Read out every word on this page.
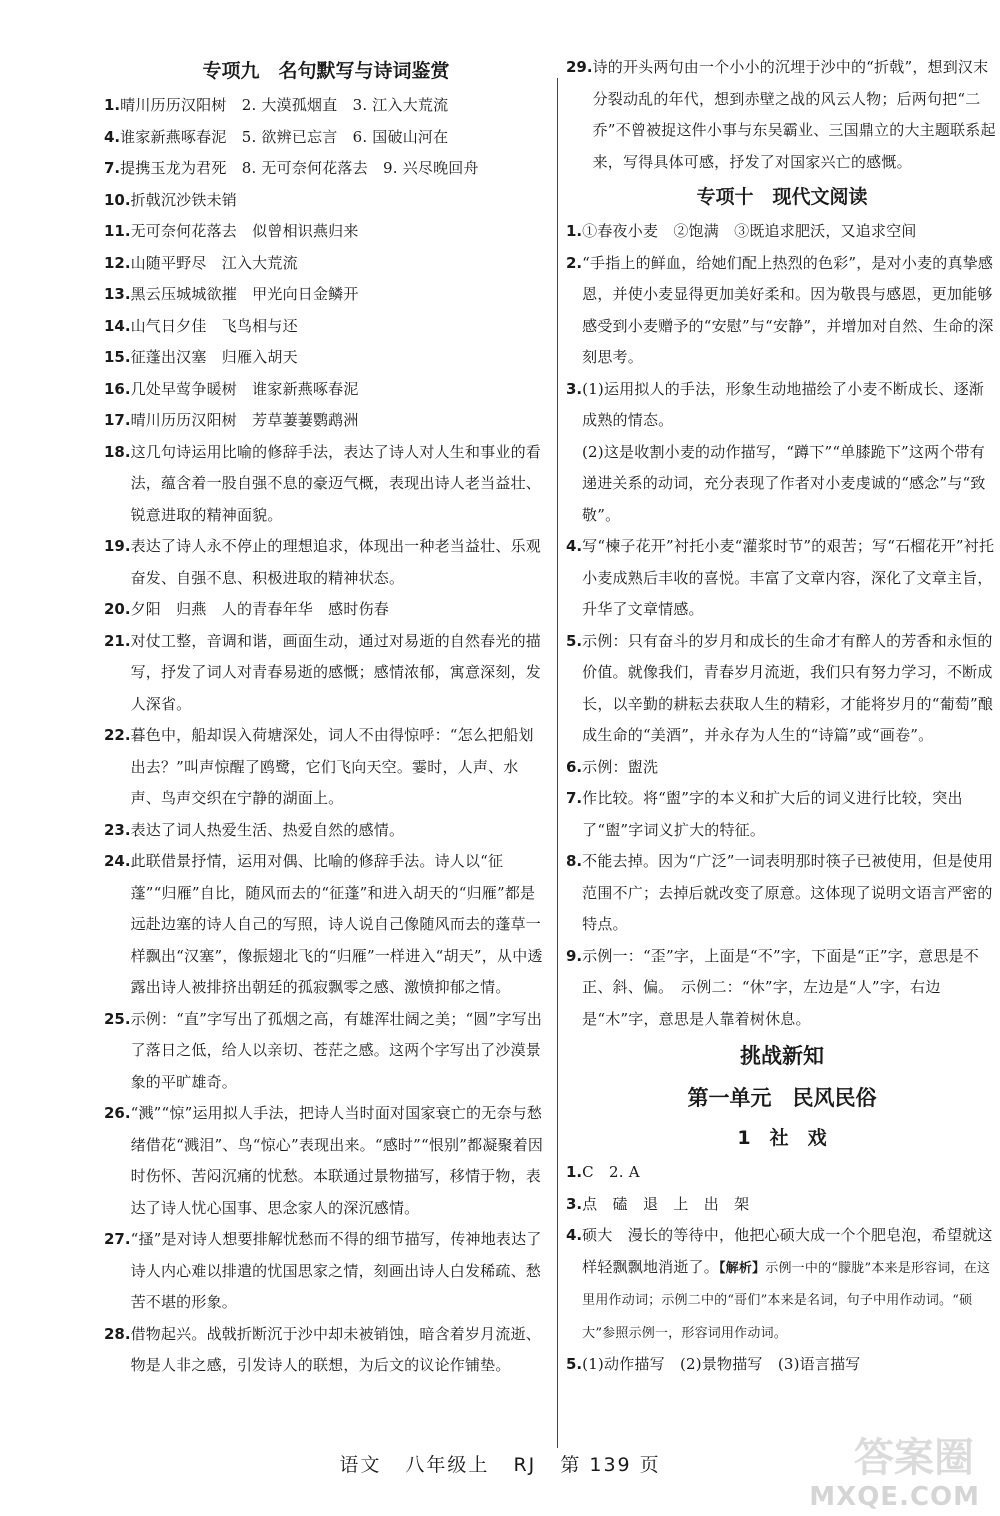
专项九　名句默写与诗词鉴赏
1. 晴川历历汉阳树　2. 大漠孤烟直　3. 江入大荒流
4. 谁家新燕啄春泥　5. 欲辨已忘言　6. 国破山河在
7. 提携玉龙为君死　8. 无可奈何花落去　9. 兴尽晚回舟
10. 折戟沉沙铁未销
11. 无可奈何花落去　似曾相识燕归来
12. 山随平野尽　江入大荒流
13. 黑云压城城欲摧　甲光向日金鳞开
14. 山气日夕佳　飞鸟相与还
15. 征蓬出汉塞　归雁入胡天
16. 几处早莺争暖树　谁家新燕啄春泥
17. 晴川历历汉阳树　芳草萋萋鹦鹉洲
18. 这几句诗运用比喻的修辞手法，表达了诗人对人生和事业的看法，蕴含着一股自强不息的豪迈气概，表现出诗人老当益壮、锐意进取的精神面貌。
19. 表达了诗人永不停止的理想追求，体现出一种老当益壮、乐观奋发、自强不息、积极进取的精神状态。
20. 夕阳　归燕　人的青春年华　感时伤春
21. 对仗工整，音调和谐，画面生动，通过对易逝的自然春光的描写，抒发了词人对青春易逝的感慨；感情浓郁，寓意深刻，发人深省。
22. 暮色中，船却误入荷塘深处，词人不由得惊呼：“怎么把船划出去？”叫声惊醒了鸥鹭，它们飞向天空。霎时，人声、水声、鸟声交织在宁静的湖面上。
23. 表达了词人热爱生活、热爱自然的感情。
24. 此联借景抒情，运用对偶、比喻的修辞手法。诗人以“征蓬”“归雁”自比，随风而去的“征蓬”和进入胡天的“归雁”都是远赴边塞的诗人自己的写照，诗人说自己像随风而去的蓬草一样飘出“汉塞”，像振翅北飞的“归雁”一样进入“胡天”，从中透露出诗人被排挤出朝廷的孤寂飘零之感、激愤抑郁之情。
25. 示例：“直”字写出了孤烟之高，有雄浑壮阔之美；“圆”字写出了落日之低，给人以亲切、苍茫之感。这两个字写出了沙漠景象的平旷雄奇。
26. “溅”“惊”运用拟人手法，把诗人当时面对国家衰亡的无奈与愁绪借花“溅泪”、鸟“惊心”表现出来。“感时”“恨别”都凝聚着因时伤怀、苦闷沉痛的忧愁。本联通过景物描写，移情于物，表达了诗人忧心国事、思念家人的深沉感情。
27. “搔”是对诗人想要排解忧愁而不得的细节描写，传神地表达了诗人内心难以排遣的忧国思家之情，刻画出诗人白发稀疏、愁苦不堪的形象。
28. 借物起兴。战戟折断沉于沙中却未被销蚀，暗含着岁月流逝、物是人非之感，引发诗人的联想，为后文的议论作铺垫。
29. 诗的开头两句由一个小小的沉埋于沙中的“折戟”，想到汉末分裂动乱的年代，想到赤壁之战的风云人物；后两句把“二乔”不曾被捉这件小事与东吴霸业、三国鼎立的大主题联系起来，写得具体可感，抒发了对国家兴亡的感慨。
专项十　现代文阅读
1. ①春夜小麦　②饱满　③既追求肥沃，又追求空间
2. “手指上的鲜血，给她们配上热烈的色彩”，是对小麦的真挚感恩，并使小麦显得更加美好柔和。因为敬畏与感恩，更加能够感受到小麦赠予的“安慰”与“安静”，并增加对自然、生命的深刻思考。
3. (1)运用拟人的手法，形象生动地描绘了小麦不断成长、逐渐成熟的情态。
(2)这是收割小麦的动作描写，“蹲下”“单膝跪下”这两个带有递进关系的动词，充分表现了作者对小麦虔诚的“感念”与“致敬”。
4. 写“楝子花开”衬托小麦“灌浆时节”的艰苦；写“石榴花开”衬托小麦成熟后丰收的喜悦。丰富了文章内容，深化了文章主旨，升华了文章情感。
5. 示例：只有奋斗的岁月和成长的生命才有醉人的芳香和永恒的价值。就像我们，青春岁月流逝，我们只有努力学习，不断成长，以辛勤的耕耘去获取人生的精彩，才能将岁月的“葡萄”酿成生命的“美酒”，并永存为人生的“诗篇”或“画卷”。
6. 示例：盥洗
7. 作比较。将“盥”字的本义和扩大后的词义进行比较，突出了“盥”字词义扩大的特征。
8. 不能去掉。因为“广泛”一词表明那时筷子已被使用，但是使用范围不广；去掉后就改变了原意。这体现了说明文语言严密的特点。
9. 示例一：“歪”字，上面是“不”字，下面是“正”字，意思是不正、斜、偏。　示例二：“休”字，左边是“人”字，右边是“木”字，意思是人靠着树休息。
挑战新知
第一单元　民风民俗
1　社　戏
1. C　2. A
3. 点　磕　退　上　出　架
4. 硕大　漫长的等待中，他把心硕大成一个个肥皂泡，希望就这样轻飘飘地消逝了。【解析】示例一中的“朦胧”本来是形容词，在这里用作动词；示例二中的“哥们”本来是名词，句子中用作动词。“硕大”参照示例一，形容词用作动词。
5. (1)动作描写　(2)景物描写　(3)语言描写
语文 八年级上 RJ 第 139 页	答案圈
MXQE.COM
